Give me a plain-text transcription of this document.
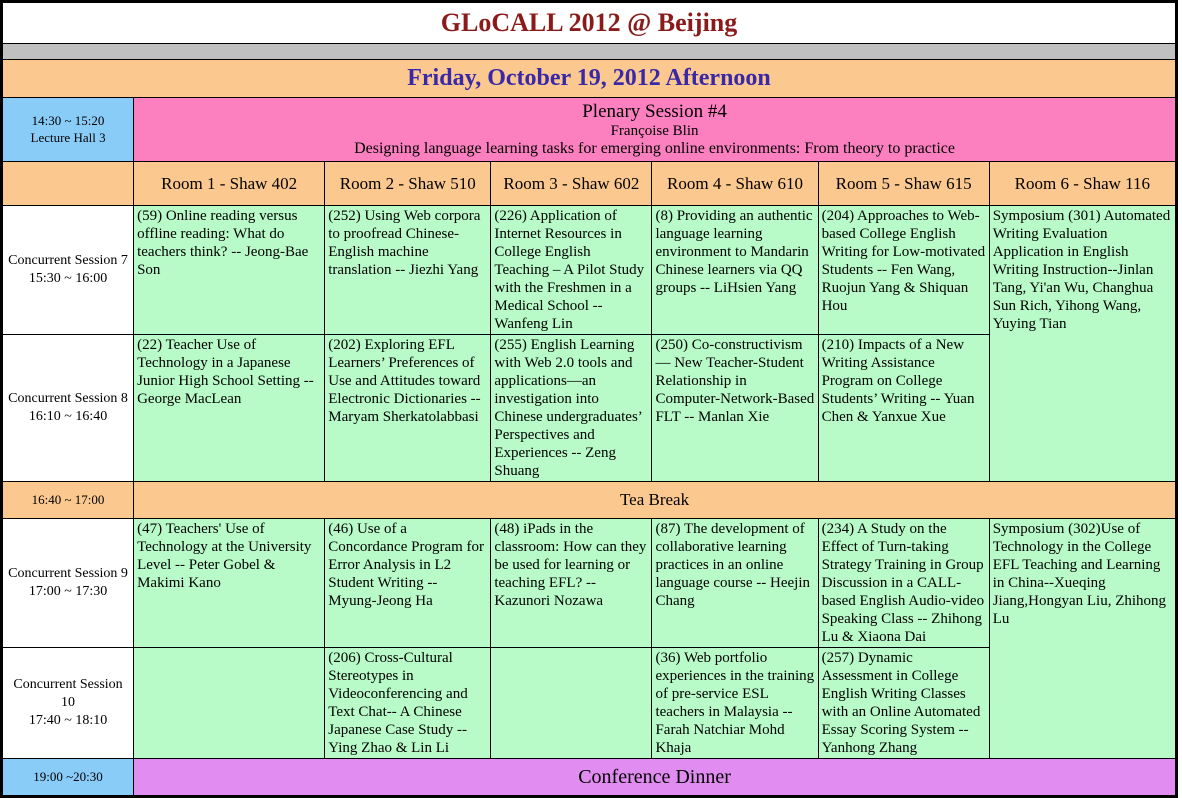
GLoCALL 2012 @ Beijing						

Friday, October 19, 2012 Afternoon						

14:30 ~ 15:20
Lecture Hall 3

Plenary Session #4
Françoise Blin
Designing language learning tasks for emerging online environments: From theory to practice

	Room 1 - Shaw 402	Room 2 - Shaw 510	Room 3 - Shaw 602	Room 4 - Shaw 610	Room 5 - Shaw 615	Room 6 - Shaw 116

Concurrent Session 7
15:30 ~ 16:00	(59) Online reading versus offline reading: What do teachers think? -- Jeong-Bae Son	(252) Using Web corpora to proofread Chinese-English machine translation -- Jiezhi Yang	(226) Application of Internet Resources in College English Teaching – A Pilot Study with the Freshmen in a Medical School -- Wanfeng Lin	(8) Providing an authentic language learning environment to Mandarin Chinese learners via QQ groups -- LiHsien Yang	(204) Approaches to Web-based College English Writing for Low-motivated Students -- Fen Wang, Ruojun Yang & Shiquan Hou	Symposium (301) Automated Writing Evaluation Application in English Writing Instruction--Jinlan Tang, Yi'an Wu, Changhua Sun Rich, Yihong Wang, Yuying Tian

Concurrent Session 8
16:10 ~ 16:40	(22) Teacher Use of Technology in a Japanese Junior High School Setting -- George MacLean	(202) Exploring EFL Learners’ Preferences of Use and Attitudes toward Electronic Dictionaries -- Maryam Sherkatolabbasi	(255) English Learning with Web 2.0 tools and applications—an investigation into Chinese undergraduates’ Perspectives and Experiences -- Zeng Shuang	(250) Co-constructivism — New Teacher-Student Relationship in Computer-Network-Based FLT -- Manlan Xie	(210) Impacts of a New Writing Assistance Program on College Students’ Writing -- Yuan Chen & Yanxue Xue	

16:40 ~ 17:00	Tea Break					

Concurrent Session 9
17:00 ~ 17:30	(47) Teachers' Use of Technology at the University Level -- Peter Gobel & Makimi Kano	(46) Use of a Concordance Program for Error Analysis in L2 Student Writing -- Myung-Jeong Ha	(48) iPads in the classroom: How can they be used for learning or teaching EFL? -- Kazunori Nozawa	(87) The development of collaborative learning practices in an online language course -- Heejin Chang	(234) A Study on the Effect of Turn-taking Strategy Training in Group Discussion in a CALL-based English Audio-video Speaking Class -- Zhihong Lu & Xiaona Dai	Symposium (302)Use of Technology in the College EFL Teaching and Learning in China--Xueqing Jiang,Hongyan Liu, Zhihong Lu

Concurrent Session 10
17:40 ~ 18:10		(206) Cross-Cultural Stereotypes in Videoconferencing and Text Chat-- A Chinese Japanese Case Study -- Ying Zhao & Lin Li		(36) Web portfolio experiences in the training of pre-service ESL teachers in Malaysia -- Farah Natchiar Mohd Khaja	(257) Dynamic Assessment in College English Writing Classes with an Online Automated Essay Scoring System -- Yanhong Zhang	

19:00 ~20:30	Conference Dinner					
